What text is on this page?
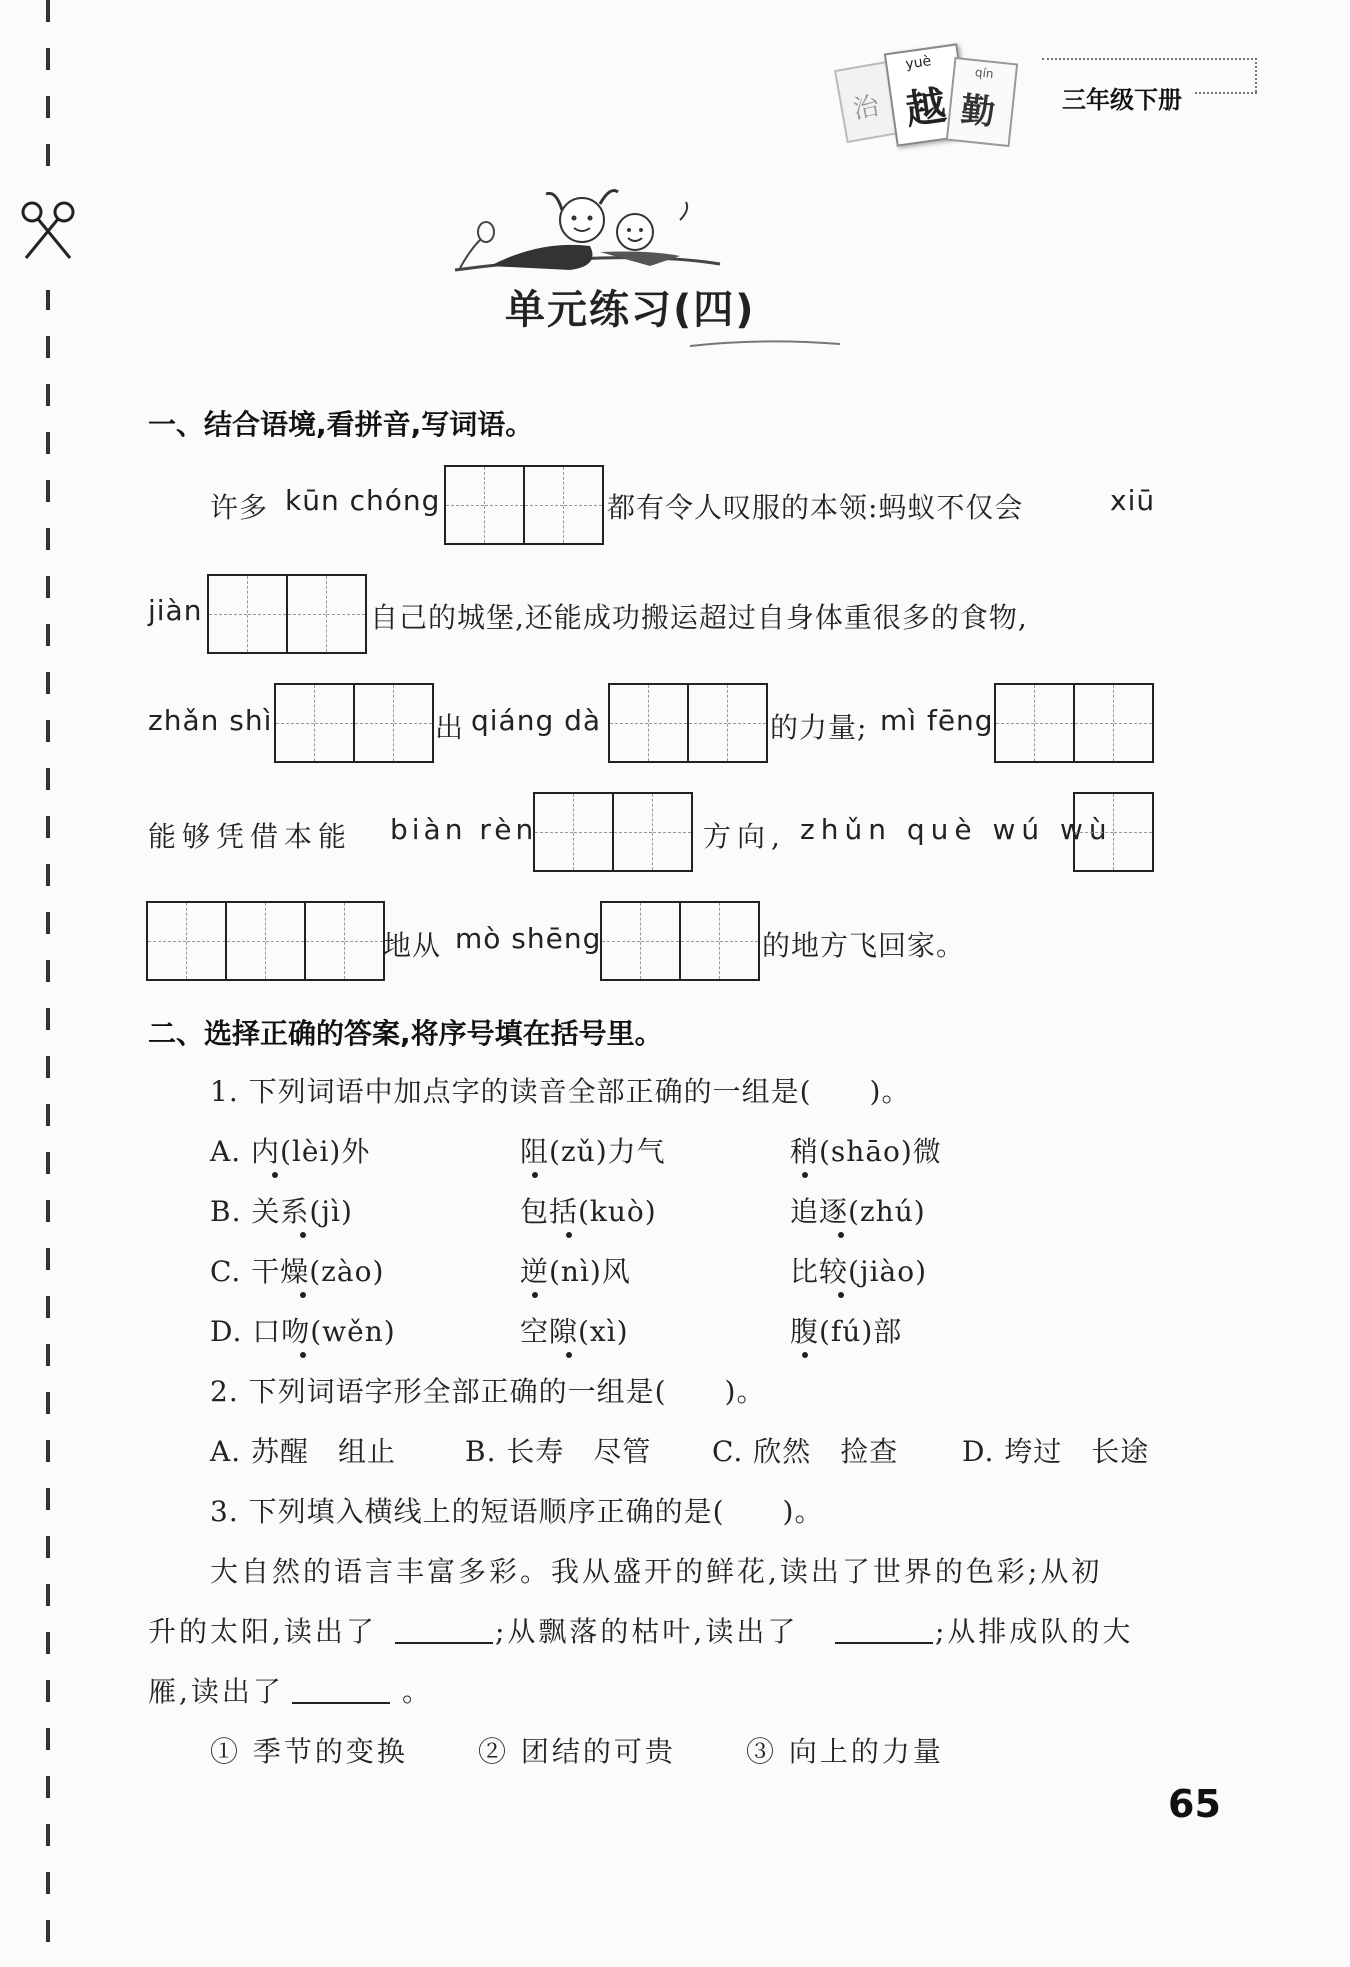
治
yuè
越
qín
勤	三年级下册
单元练习(四)
一、结合语境,看拼音,写词语。
许多 kūn chóng	都有令人叹服的本领:蚂蚁不仅会	xiū
jiàn	自己的城堡,还能成功搬运超过自身体重很多的食物,
zhǎn shì	出 qiáng dà	的力量; mì fēng
能够凭借本能 biàn rèn	方向, zhǔn què wú wù
地从 mò shēng	的地方飞回家。
二、选择正确的答案,将序号填在括号里。
1. 下列词语中加点字的读音全部正确的一组是(　　)。
A. 内(lèi)外	阻(zǔ)力气	稍(shāo)微
B. 关系(jì)	包括(kuò)	追逐(zhú)
C. 干燥(zào)	逆(nì)风	比较(jiào)
D. 口吻(wěn)	空隙(xì)	腹(fú)部
2. 下列词语字形全部正确的一组是(　　)。
A. 苏醒　组止 B. 长寿　尽管 C. 欣然　捡查 D. 垮过　长途
3. 下列填入横线上的短语顺序正确的是(　　)。
大自然的语言丰富多彩。我从盛开的鲜花,读出了世界的色彩;从初
升的太阳,读出了	;从飘落的枯叶,读出了	;从排成队的大
雁,读出了	。
① 季节的变换	② 团结的可贵	③ 向上的力量
65
